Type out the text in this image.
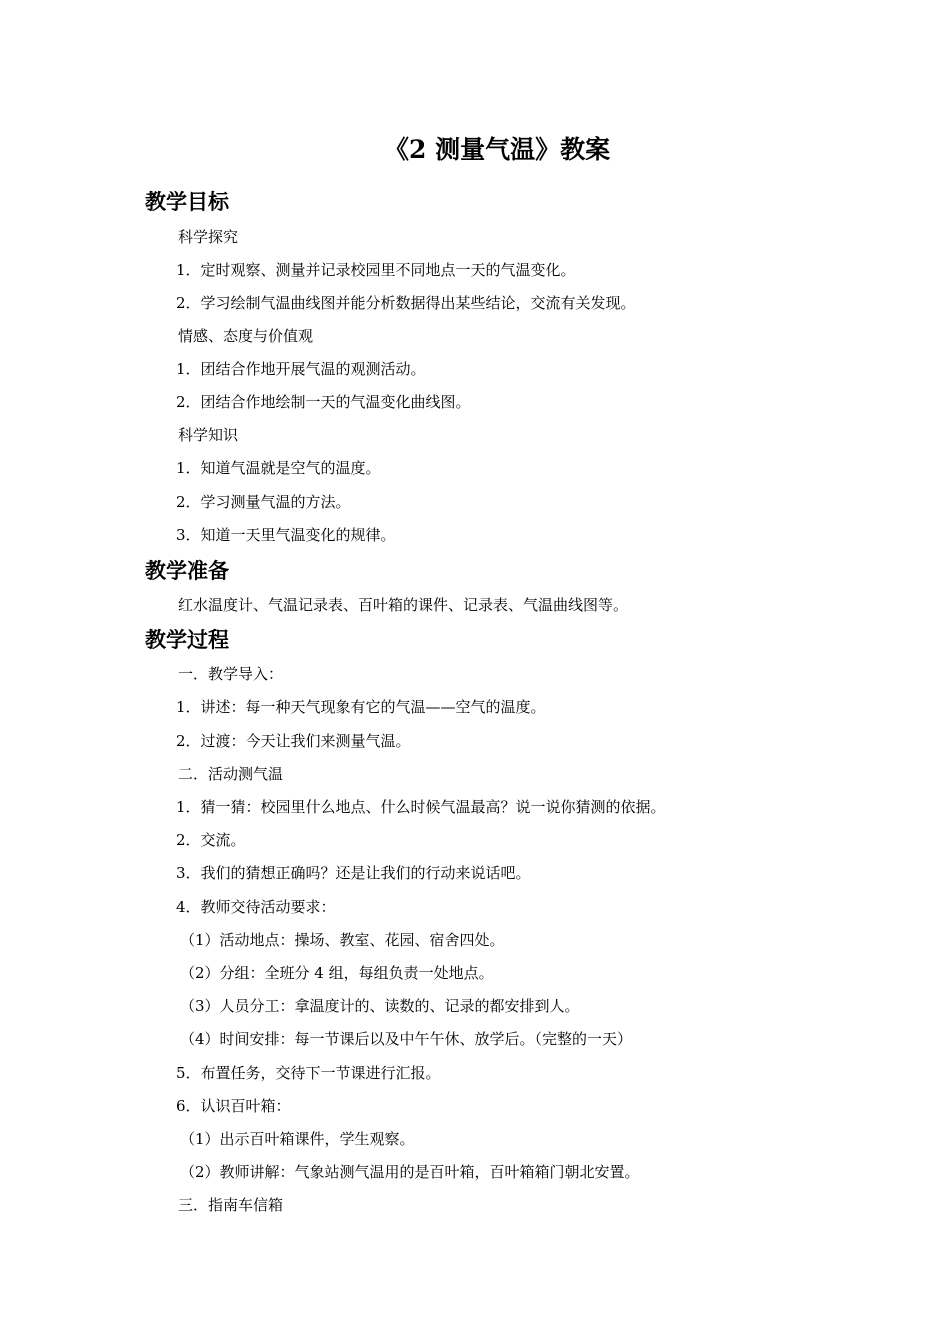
《2 测量气温》教案
教学目标
科学探究
1．定时观察、测量并记录校园里不同地点一天的气温变化。
2．学习绘制气温曲线图并能分析数据得出某些结论，交流有关发现。
情感、态度与价值观
1．团结合作地开展气温的观测活动。
2．团结合作地绘制一天的气温变化曲线图。
科学知识
1．知道气温就是空气的温度。
2．学习测量气温的方法。
3．知道一天里气温变化的规律。
教学准备
红水温度计、气温记录表、百叶箱的课件、记录表、气温曲线图等。
教学过程
一．教学导入：
1．讲述：每一种天气现象有它的气温——空气的温度。
2．过渡：今天让我们来测量气温。
二．活动测气温
1．猜一猜：校园里什么地点、什么时候气温最高？说一说你猜测的依据。
2．交流。
3．我们的猜想正确吗？还是让我们的行动来说话吧。
4．教师交待活动要求：
（1）活动地点：操场、教室、花园、宿舍四处。
（2）分组：全班分 4 组，每组负责一处地点。
（3）人员分工：拿温度计的、读数的、记录的都安排到人。
（4）时间安排：每一节课后以及中午午休、放学后。（完整的一天）
5．布置任务，交待下一节课进行汇报。
6．认识百叶箱：
（1）出示百叶箱课件，学生观察。
（2）教师讲解：气象站测气温用的是百叶箱，百叶箱箱门朝北安置。
三．指南车信箱
